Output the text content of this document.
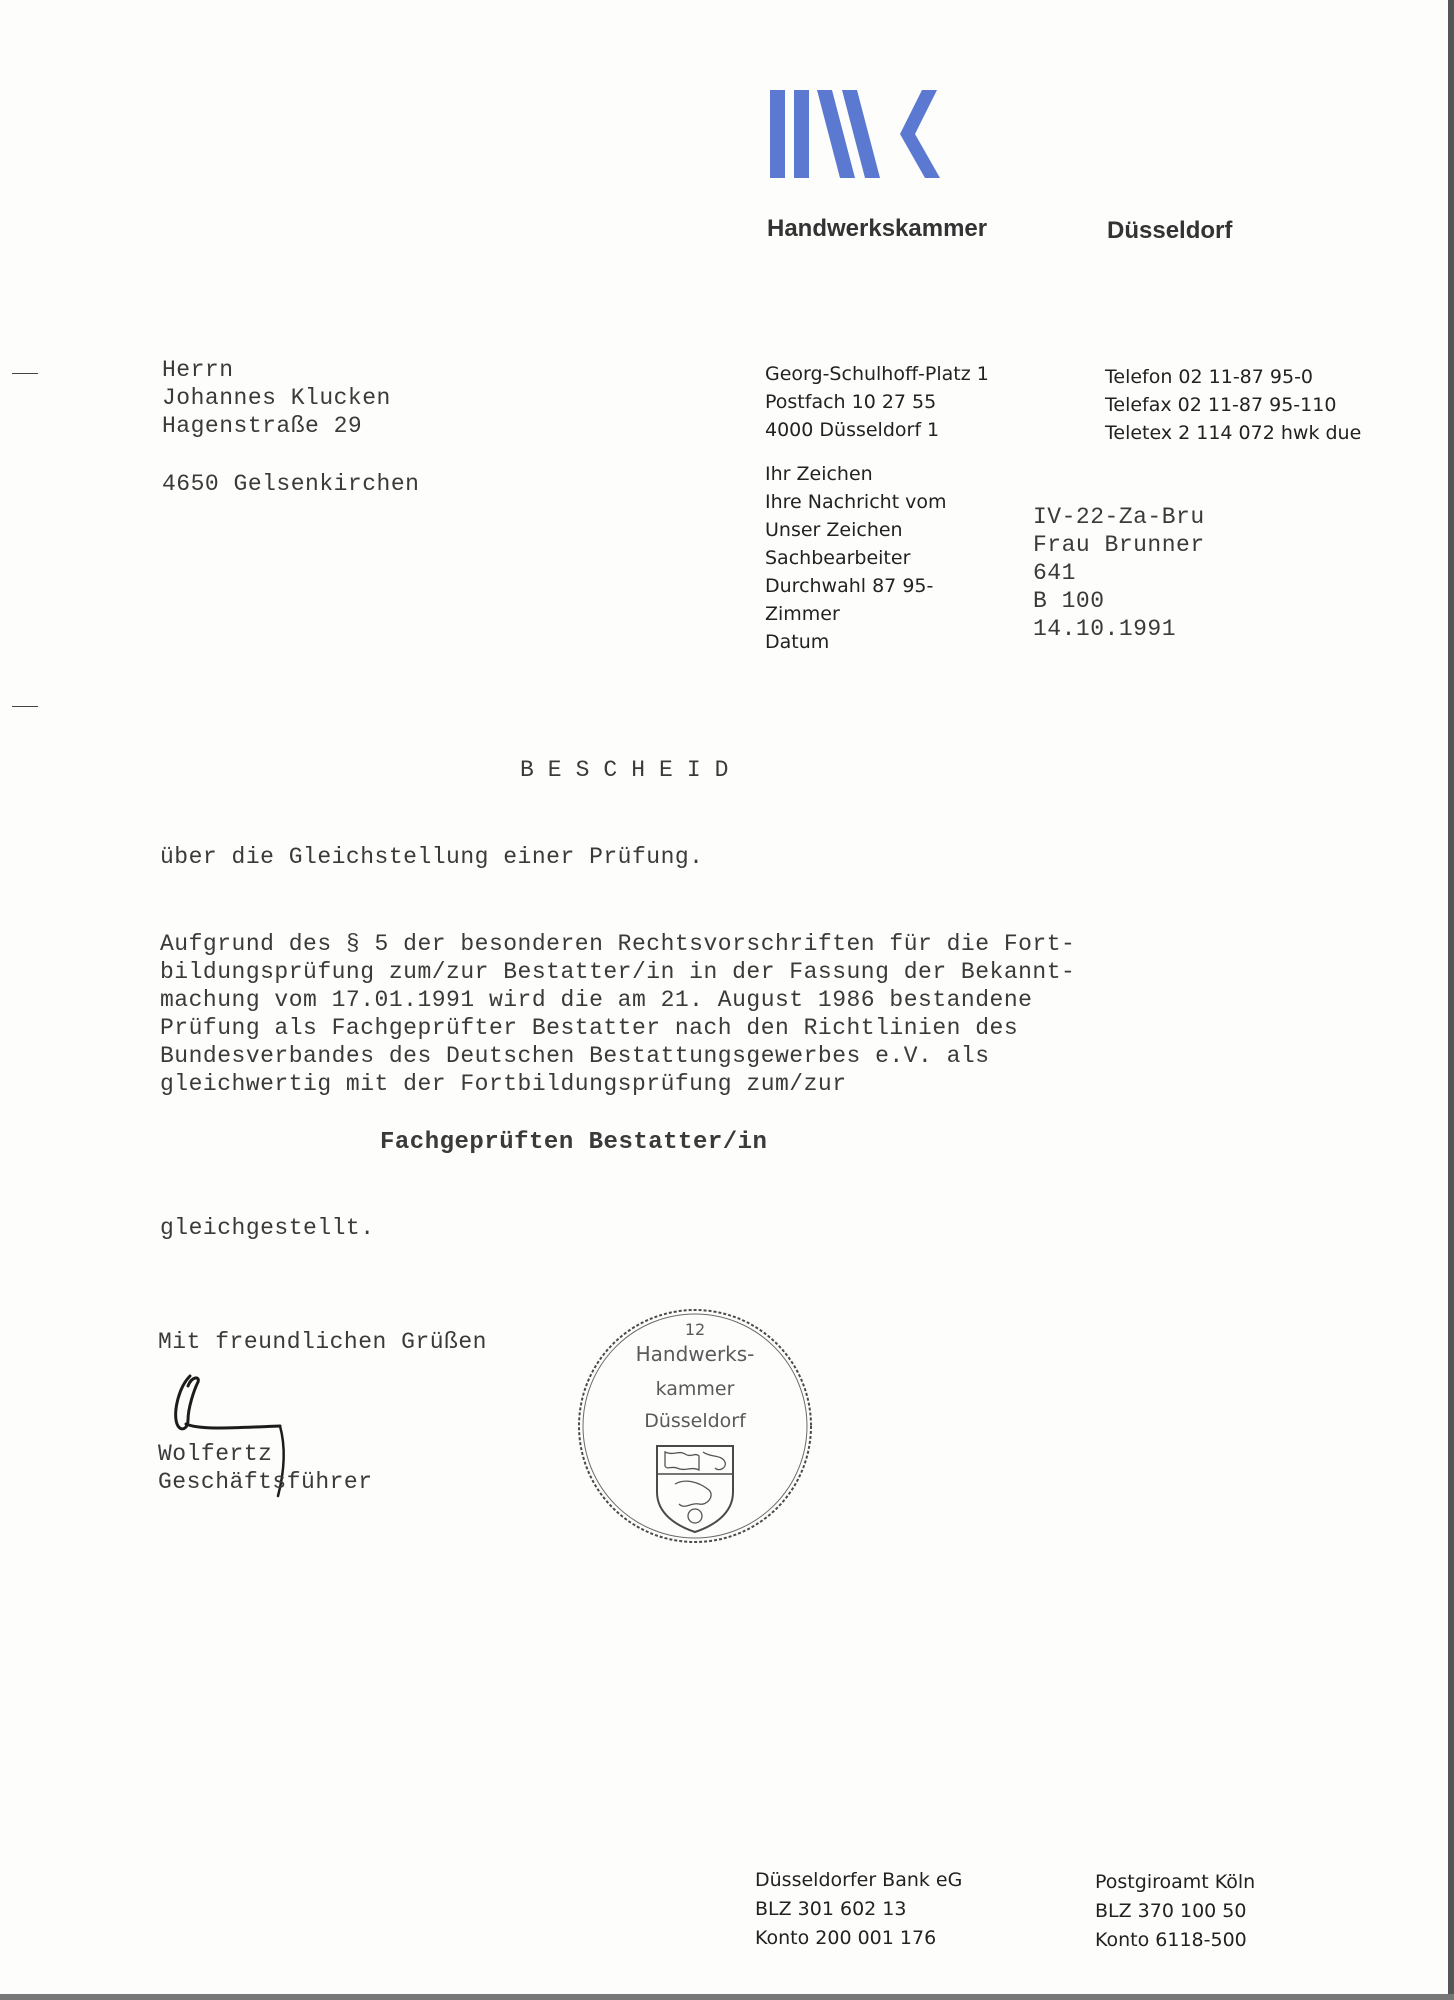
Handwerkskammer	Düsseldorf
Herrn
Johannes Klucken
Hagenstraße 29
4650 Gelsenkirchen
Georg-Schulhoff-Platz 1
Postfach 10 27 55
4000 Düsseldorf 1
Telefon 02 11-87 95-0
Telefax 02 11-87 95-110
Teletex 2 114 072 hwk due
Ihr Zeichen
Ihre Nachricht vom
Unser Zeichen
Sachbearbeiter
Durchwahl 87 95-
Zimmer
Datum
IV-22-Za-Bru
Frau Brunner
641
B 100
14.10.1991
BESCHEID
über die Gleichstellung einer Prüfung.
Aufgrund des § 5 der besonderen Rechtsvorschriften für die Fort-
bildungsprüfung zum/zur Bestatter/in in der Fassung der Bekannt-
machung vom 17.01.1991 wird die am 21. August 1986 bestandene
Prüfung als Fachgeprüfter Bestatter nach den Richtlinien des
Bundesverbandes des Deutschen Bestattungsgewerbes e.V. als
gleichwertig mit der Fortbildungsprüfung zum/zur
Fachgeprüften Bestatter/in
gleichgestellt.
Mit freundlichen Grüßen
Wolfertz
Geschäftsführer
12
Handwerks-
kammer
Düsseldorf
Düsseldorfer Bank eG
BLZ 301 602 13
Konto 200 001 176
Postgiroamt Köln
BLZ 370 100 50
Konto 6118-500
